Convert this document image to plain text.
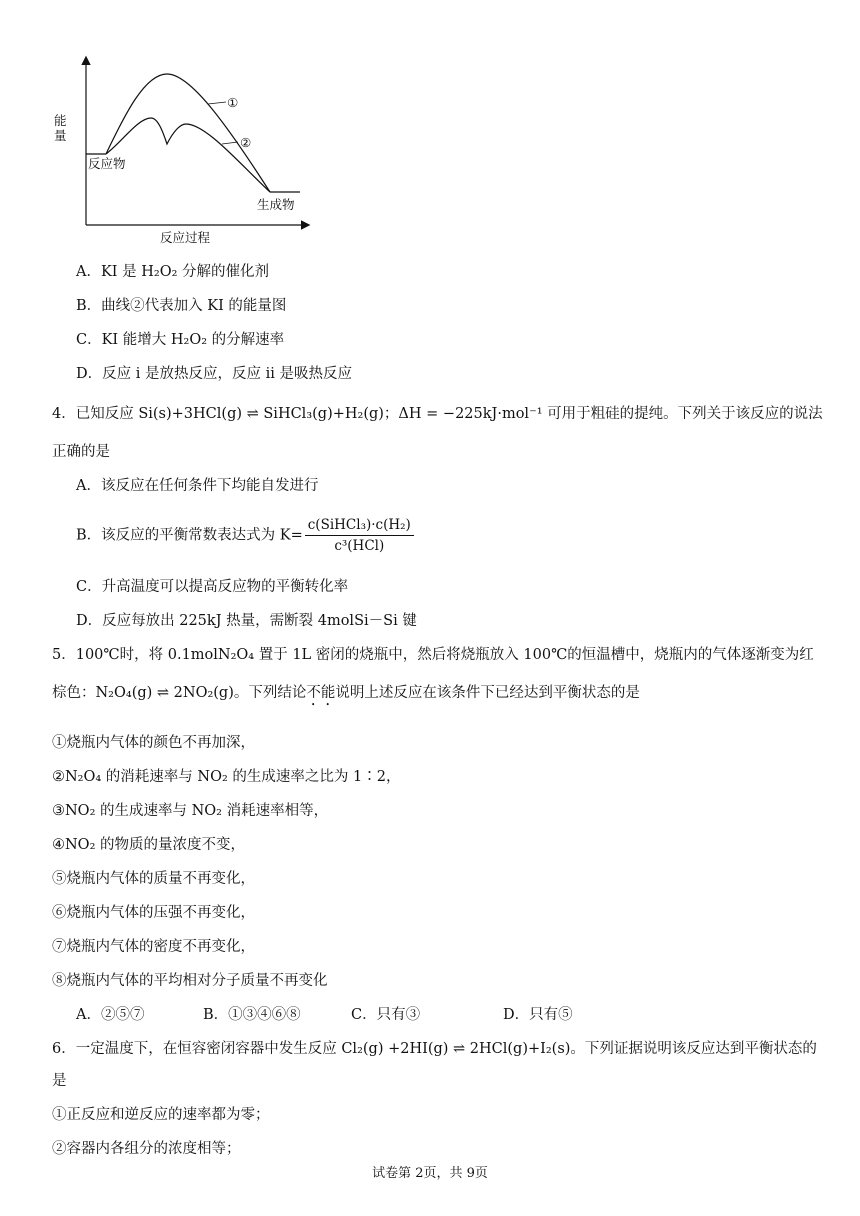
能
量
反应物
生成物
反应过程
①
②
A．KI 是 H₂O₂ 分解的催化剂
B．曲线②代表加入 KI 的能量图
C．KI 能增大 H₂O₂ 的分解速率
D．反应 i 是放热反应，反应 ii 是吸热反应
4．已知反应 Si(s)+3HCl(g) ⇌ SiHCl₃(g)+H₂(g)；ΔH = −225kJ·mol⁻¹ 可用于粗硅的提纯。下列关于该反应的说法
正确的是
A．该反应在任何条件下均能自发进行
B．该反应的平衡常数表达式为 $K= \frac{\text{c(SiHCl₃)·c(H₂)}}{\text{c³(HCl)}}$
C．升高温度可以提高反应物的平衡转化率
D．反应每放出 225kJ 热量，需断裂 4molSi－Si 键
5．100℃时，将 0.1molN₂O₄ 置于 1L 密闭的烧瓶中，然后将烧瓶放入 100℃的恒温槽中，烧瓶内的气体逐渐变为红
棕色：N₂O₄(g) ⇌ 2NO₂(g)。下列结论不能说明上述反应在该条件下已经达到平衡状态的是
①烧瓶内气体的颜色不再加深，
②N₂O₄ 的消耗速率与 NO₂ 的生成速率之比为 1∶2，
③NO₂ 的生成速率与 NO₂ 消耗速率相等，
④NO₂ 的物质的量浓度不变，
⑤烧瓶内气体的质量不再变化，
⑥烧瓶内气体的压强不再变化，
⑦烧瓶内气体的密度不再变化，
⑧烧瓶内气体的平均相对分子质量不再变化
A．②⑤⑦	B．①③④⑥⑧	C．只有③	D．只有⑤
6．一定温度下，在恒容密闭容器中发生反应 Cl₂(g) +2HI(g) ⇌ 2HCl(g)+I₂(s)。下列证据说明该反应达到平衡状态的
是
①正反应和逆反应的速率都为零；
②容器内各组分的浓度相等；
试卷第 2页，共 9页
